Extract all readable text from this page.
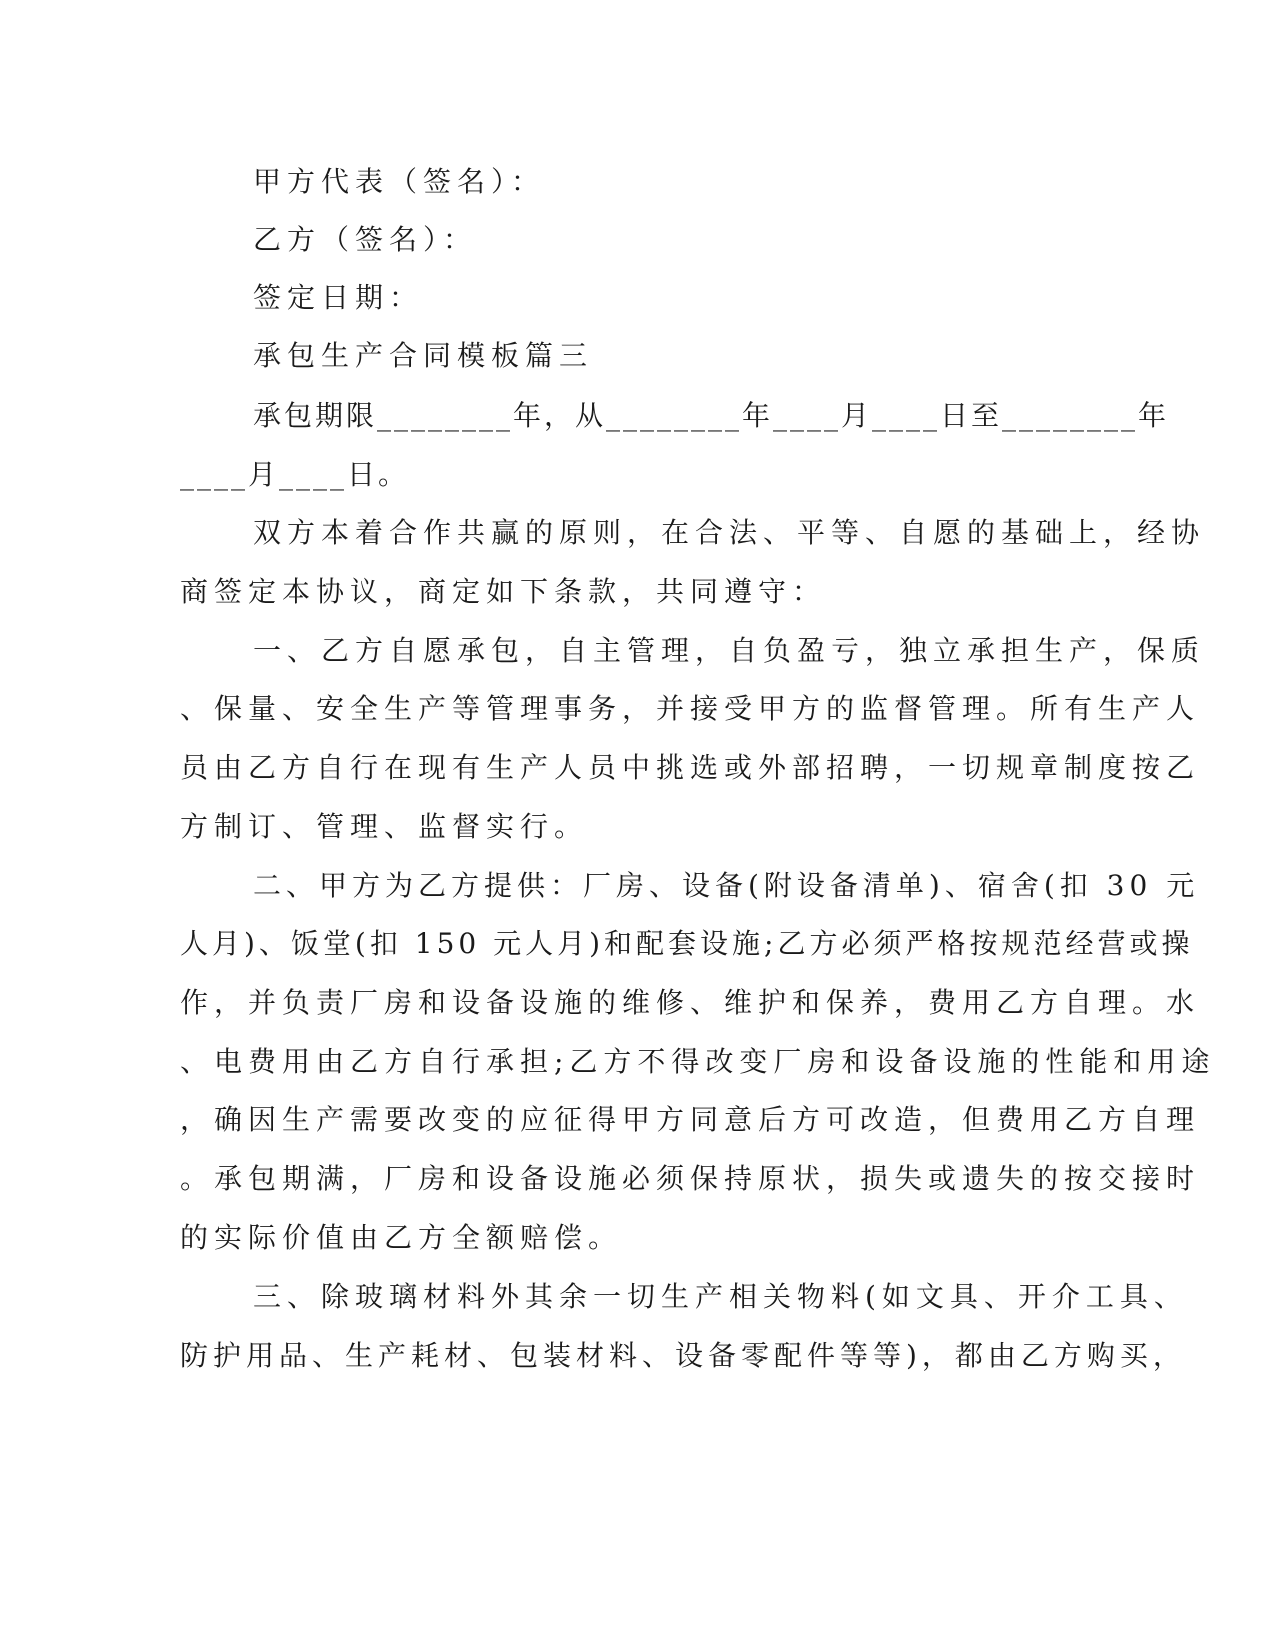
甲方代表（签名）：
乙方（签名）：
签定日期：
承包生产合同模板篇三
承包期限________年，从________年____月____日至________年
____月____日。
双方本着合作共赢的原则，在合法、平等、自愿的基础上，经协
商签定本协议，商定如下条款，共同遵守：
一、乙方自愿承包，自主管理，自负盈亏，独立承担生产，保质
、保量、安全生产等管理事务，并接受甲方的监督管理。所有生产人
员由乙方自行在现有生产人员中挑选或外部招聘，一切规章制度按乙
方制订、管理、监督实行。
二、甲方为乙方提供：厂房、设备(附设备清单)、宿舍(扣 30 元
人月)、饭堂(扣 150 元人月)和配套设施;乙方必须严格按规范经营或操
作，并负责厂房和设备设施的维修、维护和保养，费用乙方自理。水
、电费用由乙方自行承担;乙方不得改变厂房和设备设施的性能和用途
，确因生产需要改变的应征得甲方同意后方可改造，但费用乙方自理
。承包期满，厂房和设备设施必须保持原状，损失或遗失的按交接时
的实际价值由乙方全额赔偿。
三、除玻璃材料外其余一切生产相关物料(如文具、开介工具、
防护用品、生产耗材、包装材料、设备零配件等等)，都由乙方购买，
